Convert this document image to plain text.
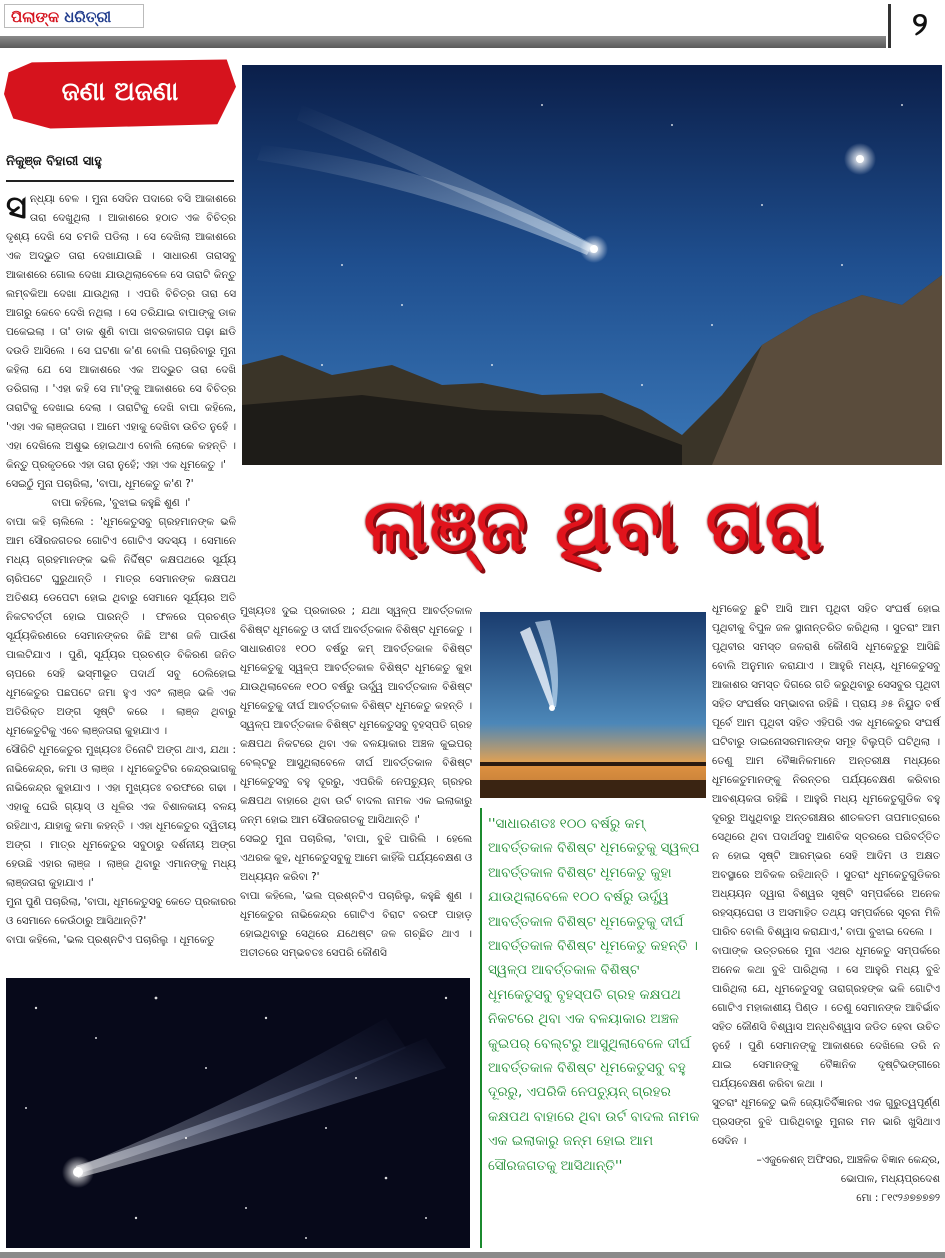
ପିଲାଙ୍କ ଧରିତ୍ରୀ	୨
ଜଣା ଅଜଣା
ନିକୁଞ୍ଜ ବିହାରୀ ସାହୁ

ସନ୍ଧ୍ୟା ବେଳ । ମୁନା ସେଦିନ ପଦାରେ ବସି ଆକାଶରେ ତାରା ଦେଖୁଥିଲା । ଆକାଶରେ ହଠାତ ଏକ ବିଚିତ୍ର ଦୃଶ୍ୟ ଦେଖି ସେ ଚମକି ପଡିଲା । ସେ ଦେଖିଲା ଆକାଶରେ ଏକ ଅଦ୍ଭୁତ ତାରା ଦେଖାଯାଉଛି । ସାଧାରଣ ତାରାସବୁ ଆକାଶରେ ଗୋଲ ଦେଖା ଯାଉଥିଲାବେଳେ ସେ ତାରାଟି କିନ୍ତୁ ଲମ୍ବକିଆ ଦେଖା ଯାଉଥିଲା । ଏପରି ବିଚିତ୍ର ତାରା ସେ ଆଗରୁ କେବେ ଦେଖି ନଥିଲା । ସେ ତରିଯାଇ ବାପାଙ୍କୁ ଡାକ ପକେଇଲା । ତା' ଡାକ ଶୁଣି ବାପା ଖବରକାଗଜ ପଢ଼ା ଛାଡି ଦଉଡି ଆସିଲେ । ସେ ଘଟଣା କ'ଣ ବୋଲି ପଚାରିବାରୁ ମୁନା କହିଲା ଯେ ସେ ଆକାଶରେ ଏକ ଅଦ୍ଭୁତ ତାରା ଦେଖି ଡରିଗଲା । 'ଏହା କହି ସେ ମା'ଙ୍କୁ ଆକାଶରେ ସେ ବିଚିତ୍ର ତାରାଟିକୁ ଦେଖାଇ ଦେଲା । ତାରାଟିକୁ ଦେଖି ବାପା କହିଲେ, 'ଏହା ଏକ ଲାଞ୍ଜତାରା । ଆମେ ଏହାକୁ ଦେଖିବା ଉଚିତ ନୁହେଁ । ଏହା ଦେଖିଲେ ଅଶୁଭ ହୋଇଥାଏ ବୋଲି ଲୋକେ କହନ୍ତି । କିନ୍ତୁ ପ୍ରକୃତରେ ଏହା ତାରା ନୁହେଁ; ଏହା ଏକ ଧୂମକେତୁ ।'

ସେଇଠୁଁ ମୁନା ପଚାରିଲା, 'ବାପା, ଧୂମକେତୁ କ'ଣ ?'

ବାପା କହିଲେ, 'ବୁଝାଇ କହୁଛି ଶୁଣ ।'

ବାପା କହି ଚାଲିଲେ : 'ଧୂମକେତୁସବୁ ଗ୍ରହମାନଙ୍କ ଭଳି ଆମ ସୌରଜଗତର ଗୋଟିଏ ଗୋଟିଏ ସଦସ୍ୟ । ସେମାନେ ମଧ୍ୟ ଗ୍ରହମାନଙ୍କ ଭଳି ନିର୍ଦ୍ଦିଷ୍ଟ କକ୍ଷପଥରେ ସୂର୍ଯ୍ୟ ଚାରିପଟେ ଘୁରୁଥାନ୍ତି । ମାତ୍ର ସେମାନଙ୍କ କକ୍ଷପଥ ଅତିଶୟ ଡେପେଟା ହୋଇ ଥିବାରୁ ସେମାନେ ସୂର୍ଯ୍ୟର ଅତି ନିକଟବର୍ତ୍ତୀ ହୋଇ ପାରନ୍ତି । ଫଳରେ ପ୍ରଚଣ୍ଡ ସୂର୍ଯ୍ୟକିରଣରେ ସେମାନଙ୍କର କିଛି ଅଂଶ ଜଳି ପାଉଁଶ ପାଲଟିଯାଏ । ପୁଣି, ସୂର୍ଯ୍ୟର ପ୍ରଚଣ୍ଡ ବିକିରଣ ଜନିତ ଚାପରେ ସେହି ଭସ୍ମୀଭୂତ ପଦାର୍ଥ ସବୁ ଠେଲିହୋଇ ଧୂମକେତୁର ପଛପଟେ ଜମା ହୁଏ ଏବଂ ଲାଞ୍ଜ ଭଳି ଏକ ଅତିରିକ୍ତ ଅଙ୍ଗ ସୃଷ୍ଟି କରେ । ଲାଞ୍ଜ ଥିବାରୁ ଧୂମକେତୁଟିକୁ ଏବେ ଲାଞ୍ଜତାରା କୁହାଯାଏ ।

ସୌରିଟି ଧୂମକେତୁର ମୁଖ୍ୟତଃ ତିନୋଟି ଅଙ୍ଗ ଥାଏ, ଯଥା : ନାଭିକେନ୍ଦ୍ର, କମା ଓ ଲାଞ୍ଜ । ଧୂମକେତୁଟିର କେନ୍ଦ୍ରଭାଗକୁ ନାଭିକେନ୍ଦ୍ର କୁହାଯାଏ । ଏହା ମୁଖ୍ୟତଃ ବରଫରେ ଗଢା । ଏହାକୁ ଘେରି ଗ୍ୟାସ୍ ଓ ଧୂଳିର ଏକ ବିଶାଳକାୟ ବଳୟ ରହିଥାଏ, ଯାହାକୁ କମା କହନ୍ତି । ଏହା ଧୂମକେତୁର ଦ୍ୱିତୀୟ ଅଙ୍ଗ । ମାତ୍ର ଧୂମକେତୁର ସବୁଠାରୁ ଦର୍ଶନୀୟ ଅଙ୍ଗ ହେଉଛି ଏହାର ଲାଞ୍ଜ । ଲାଞ୍ଜ ଥିବାରୁ ଏମାନଙ୍କୁ ମଧ୍ୟ ଲାଞ୍ଜତାରା କୁହାଯାଏ ।'

ମୁନା ପୁଣି ପଚାରିଲା, 'ବାପା, ଧୂମକେତୁସବୁ କେତେ ପ୍ରକାରର ଓ ସେମାନେ କେଉଁଠାରୁ ଆସିଥାନ୍ତି?'

ବାପା କହିଲେ, 'ଭଲ ପ୍ରଶ୍ନଟିଏ ପଚାରିଲୁ । ଧୂମକେତୁ

ଲାଞ୍ଜ ଥିବା ତାରା

ମୁଖ୍ୟତଃ ଦୁଇ ପ୍ରକାରର ; ଯଥା ସ୍ୱଳ୍ପ ଆବର୍ତ୍ତକାଳ ବିଶିଷ୍ଟ ଧୂମକେତୁ ଓ ଦୀର୍ଘ ଆବର୍ତ୍ତକାଳ ବିଶିଷ୍ଟ ଧୂମକେତୁ । ସାଧାରଣତଃ ୧୦୦ ବର୍ଷରୁ କମ୍ ଆବର୍ତ୍ତକାଳ ବିଶିଷ୍ଟ ଧୂମକେତୁକୁ ସ୍ୱଳ୍ପ ଆବର୍ତ୍ତକାଳ ବିଶିଷ୍ଟ ଧୂମକେତୁ କୁହା ଯାଉଥିଲାବେଳେ ୧୦୦ ବର୍ଷରୁ ଊର୍ଦ୍ଧ୍ୱ ଆବର୍ତ୍ତକାଳ ବିଶିଷ୍ଟ ଧୂମକେତୁକୁ ଦୀର୍ଘ ଆବର୍ତ୍ତକାଳ ବିଶିଷ୍ଟ ଧୂମକେତୁ କହନ୍ତି । ସ୍ୱଳ୍ପ ଆବର୍ତ୍ତକାଳ ବିଶିଷ୍ଟ ଧୂମକେତୁସବୁ ବୃହସ୍ପତି ଗ୍ରହ କକ୍ଷପଥ ନିକଟରେ ଥିବା ଏକ ବଳୟାକାର ଅଞ୍ଚଳ କୁଇପର୍ ବେଲ୍ଟରୁ ଆସୁଥିଲାବେଳେ ଦୀର୍ଘ ଆବର୍ତ୍ତକାଳ ବିଶିଷ୍ଟ ଧୂମକେତୁସବୁ ବହୁ ଦୂରରୁ, ଏପରିକି ନେପଚ୍ୟୁନ୍ ଗ୍ରହର କକ୍ଷପଥ ବାହାରେ ଥିବା ଉର୍ଟ ବାଦଲ ନାମକ ଏକ ଇଲାକାରୁ ଜନ୍ମ ହୋଇ ଆମ ସୌରଜଗତକୁ ଆସିଥାନ୍ତି ।'

ସେଇଠୁ ମୁନା ପଚାରିଲା, 'ବାପା, ବୁଝି ପାରିଲି । ହେଲେ ଏଥରକ କୁହ, ଧୂମକେତୁସବୁକୁ ଆମେ କାହିଁକି ପର୍ଯ୍ୟବେକ୍ଷଣ ଓ ଅଧ୍ୟୟନ କରିବା ?'

ବାପା କହିଲେ, 'ଭଲ ପ୍ରଶ୍ନଟିଏ ପଚାରିଲୁ, କହୁଛି ଶୁଣ । ଧୂମକେତୁର ନାଭିକେନ୍ଦ୍ର ଗୋଟିଏ ବିରାଟ ବରଫ ପାହାଡ଼ ହୋଇଥିବାରୁ ସେଥିରେ ଯଥେଷ୍ଟ ଜଳ ଗଚ୍ଛିତ ଥାଏ । ଅତୀତରେ ସମ୍ଭବତଃ ସେପରି କୌଣସି

''ସାଧାରଣତଃ ୧୦୦ ବର୍ଷରୁ କମ୍ ଆବର୍ତ୍ତକାଳ ବିଶିଷ୍ଟ ଧୂମକେତୁକୁ ସ୍ୱଳ୍ପ ଆବର୍ତ୍ତକାଳ ବିଶିଷ୍ଟ ଧୂମକେତୁ କୁହା ଯାଉଥିଲାବେଳେ ୧୦୦ ବର୍ଷରୁ ଊର୍ଦ୍ଧ୍ୱ ଆବର୍ତ୍ତକାଳ ବିଶିଷ୍ଟ ଧୂମକେତୁକୁ ଦୀର୍ଘ ଆବର୍ତ୍ତକାଳ ବିଶିଷ୍ଟ ଧୂମକେତୁ କହନ୍ତି । ସ୍ୱଳ୍ପ ଆବର୍ତ୍ତକାଳ ବିଶିଷ୍ଟ ଧୂମକେତୁସବୁ ବୃହସ୍ପତି ଗ୍ରହ କକ୍ଷପଥ ନିକଟରେ ଥିବା ଏକ ବଳୟାକାର ଅଞ୍ଚଳ କୁଇପର୍ ବେଲ୍ଟରୁ ଆସୁଥିଲାବେଳେ ଦୀର୍ଘ ଆବର୍ତ୍ତକାଳ ବିଶିଷ୍ଟ ଧୂମକେତୁସବୁ ବହୁ ଦୂରରୁ, ଏପରିକି ନେପଚ୍ୟୁନ୍ ଗ୍ରହର କକ୍ଷପଥ ବାହାରେ ଥିବା ଉର୍ଟ ବାଦଲ ନାମକ ଏକ ଇଲାକାରୁ ଜନ୍ମ ହୋଇ ଆମ ସୌରଜଗତକୁ ଆସିଥାନ୍ତି''

ଧୂମକେତୁ ଛୁଟି ଆସି ଆମ ପୃଥିବୀ ସହିତ ସଂଘର୍ଷ ହୋଇ ପୃଥିବୀକୁ ବିପୁଳ ଜଳ ସ୍ଥାନାନ୍ତରିତ କରିଥିଲା । ସୁତରାଂ ଆମ ପୃଥିବୀର ସମସ୍ତ ଜଳରାଶି କୌଣସି ଧୂମକେତୁରୁ ଆସିଛି ବୋଲି ଅନୁମାନ କରାଯାଏ । ଆହୁରି ମଧ୍ୟ, ଧୂମକେତୁସବୁ ଆକାଶର ସମସ୍ତ ଦିଗରେ ଗତି କରୁଥିବାରୁ ସେସବୁର ପୃଥିବୀ ସହିତ ସଂଘର୍ଷର ସମ୍ଭାବନା ରହିଛି । ପ୍ରାୟ ୬୫ ନିୟୁତ ବର୍ଷ ପୂର୍ବେ ଆମ ପୃଥିବୀ ସହିତ ଏହିପରି ଏକ ଧୂମକେତୁର ସଂଘର୍ଷ ଘଟିବାରୁ ଡାଇନୋସରମାନଙ୍କ ସମୂହ ବିଲୁପ୍ତି ଘଟିଥିଲା । ତେଣୁ ଆମ ବୈଜ୍ଞାନିକମାନେ ଅନ୍ତରୀକ୍ଷ ମଧ୍ୟରେ ଧୂମକେତୁମାନଙ୍କୁ ନିରନ୍ତର ପର୍ଯ୍ୟବେକ୍ଷଣ କରିବାର ଆବଶ୍ୟକତା ରହିଛି । ଆହୁରି ମଧ୍ୟ ଧୂମକେତୁଗୁଡିକ ବହୁ ଦୂରରୁ ଅଧୁଥିବାରୁ ଅନ୍ତରୀକ୍ଷର ଶୀତଳତମ ତାପମାତ୍ରାରେ ସେଥିରେ ଥିବା ପଦାର୍ଥସବୁ ଆଣବିକ ସ୍ତରରେ ପରିବର୍ତ୍ତିତ ନ ହୋଇ ସୃଷ୍ଟି ଆରମ୍ଭର ସେହି ଆଦିମ ଓ ଅକ୍ଷତ ଅବସ୍ଥାରେ ଅବିକଳ ରହିଥାନ୍ତି । ସୁତରାଂ ଧୂମକେତୁଗୁଡିକର ଅଧ୍ୟୟନ ଦ୍ୱାରା ବିଶ୍ୱର ସୃଷ୍ଟି ସମ୍ପର୍କରେ ଅନେକ ରହସ୍ୟଘେରା ଓ ଅସମାହିତ ତଥ୍ୟ ସମ୍ପର୍କରେ ସୂଚନା ମିଳି ପାରିବ ବୋଲି ବିଶ୍ୱାସ କରାଯାଏ,' ବାପା ବୁଝାଇ ଦେଲେ ।

ବାପାଙ୍କ ଉତ୍ତରରେ ମୁନା ଏଥର ଧୂମକେତୁ ସମ୍ପର୍କରେ ଅନେକ କଥା ବୁଝି ପାରିଥିଲା । ସେ ଆହୁରି ମଧ୍ୟ ବୁଝି ପାରିଥିଲା ଯେ, ଧୂମକେତୁସବୁ ତାରାଗ୍ରହଙ୍କ ଭଳି ଗୋଟିଏ ଗୋଟିଏ ମହାକାଶୀୟ ପିଣ୍ଡ । ତେଣୁ ସେମାନଙ୍କ ଆବିର୍ଭାବ ସହିତ କୌଣସି ବିଶ୍ୱାସ ଅନ୍ଧବିଶ୍ୱାସ ଜଡିତ ହେବା ଉଚିତ ନୁହେଁ । ପୁଣି ସେମାନଙ୍କୁ ଆକାଶରେ ଦେଖିଲେ ଡରି ନ ଯାଇ ସେମାନଙ୍କୁ ବୈଜ୍ଞାନିକ ଦୃଷ୍ଟିଭଙ୍ଗୀରେ ପର୍ଯ୍ୟବେକ୍ଷଣ କରିବା କଥା ।

ସୁତରାଂ ଧୂମକେତୁ ଭଳି ଜ୍ୟୋତିର୍ବିଜ୍ଞାନର ଏକ ଗୁରୁତ୍ୱପୂର୍ଣ୍ଣ ପ୍ରସଙ୍ଗ ବୁଝି ପାରିଥିବାରୁ ମୁନାର ମନ ଭାରି ଖୁସିଥାଏ ସେଦିନ ।

–ଏଜୁକେଶନ୍ ଅଫିସର, ଆଞ୍ଚଳିକ ବିଜ୍ଞାନ କେନ୍ଦ୍ର,

ଭୋପାଳ, ମଧ୍ୟପ୍ରଦେଶ

ମୋ : ୮୧୯୨୬୭୭୭୭୨
